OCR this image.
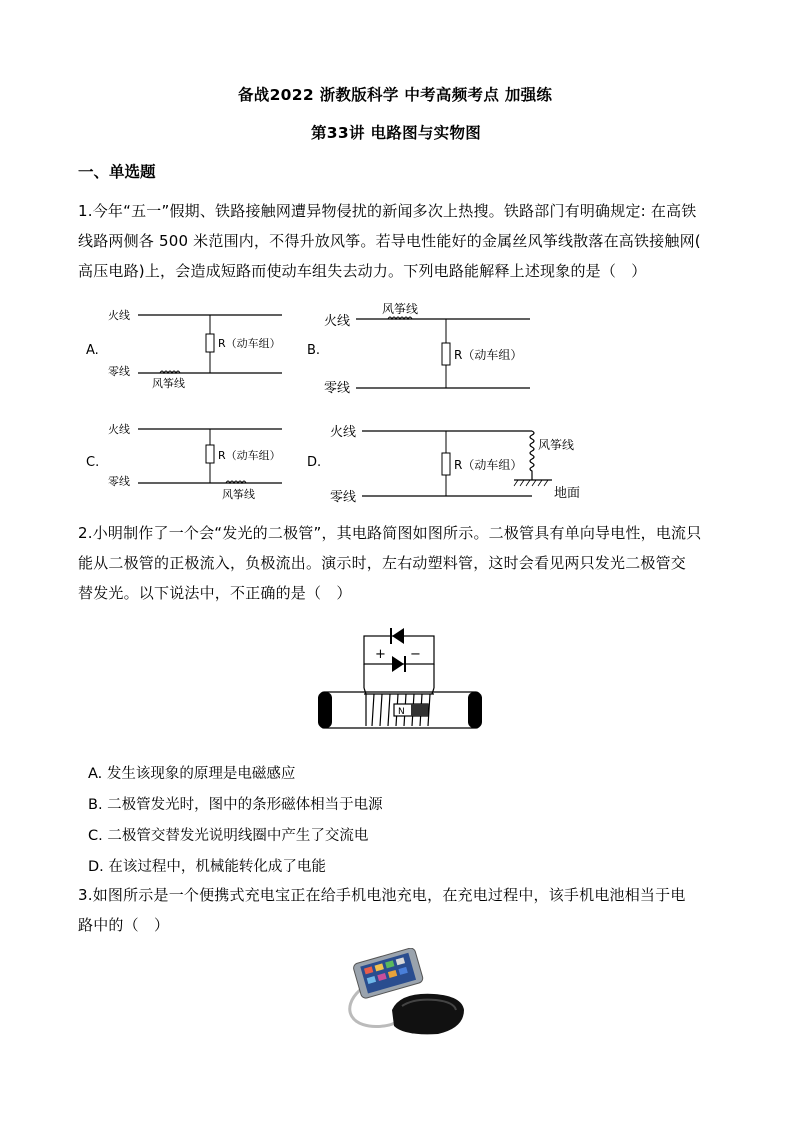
备战2022 浙教版科学 中考高频考点 加强练
第33讲 电路图与实物图
一、单选题
1.今年“五一”假期、铁路接触网遭异物侵扰的新闻多次上热搜。铁路部门有明确规定: 在高铁
线路两侧各 500 米范围内，不得升放风筝。若导电性能好的金属丝风筝线散落在高铁接触网(
高压电路)上，会造成短路而使动车组失去动力。下列电路能解释上述现象的是（　）
A.
火线
R（动车组）
零线
风筝线
B.
风筝线
火线
R（动车组）
零线
C.
火线
R（动车组）
零线
风筝线
D.
火线
R（动车组）
风筝线
地面
零线
2.小明制作了一个会“发光的二极管”，其电路简图如图所示。二极管具有单向导电性，电流只
能从二极管的正极流入，负极流出。演示时，左右动塑料管，这时会看见两只发光二极管交
替发光。以下说法中，不正确的是（　）
+ −
N
A. 发生该现象的原理是电磁感应
B. 二极管发光时，图中的条形磁体相当于电源
C. 二极管交替发光说明线圈中产生了交流电
D. 在该过程中，机械能转化成了电能
3.如图所示是一个便携式充电宝正在给手机电池充电，在充电过程中，该手机电池相当于电
路中的（　）
